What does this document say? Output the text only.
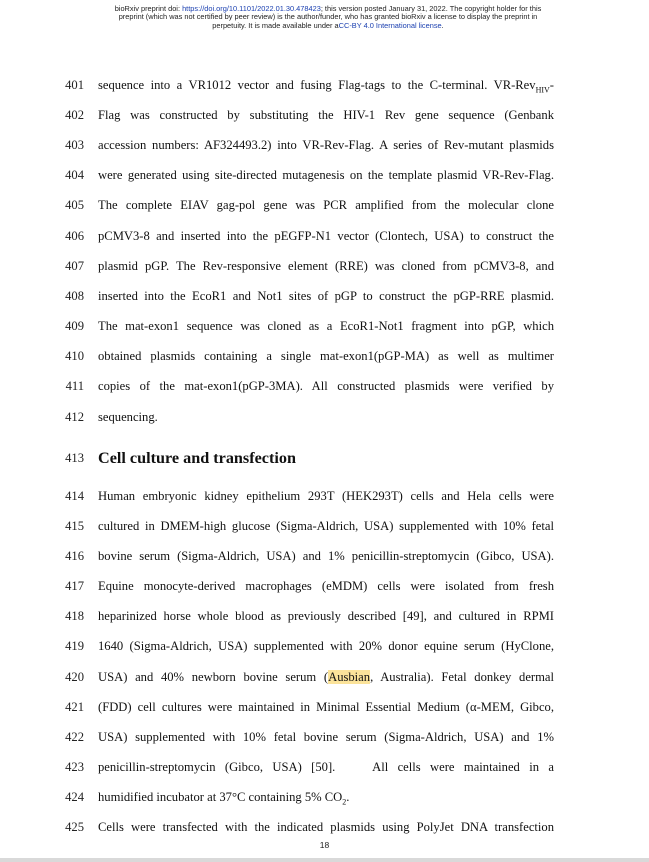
bioRxiv preprint doi: https://doi.org/10.1101/2022.01.30.478423; this version posted January 31, 2022. The copyright holder for this
preprint (which was not certified by peer review) is the author/funder, who has granted bioRxiv a license to display the preprint in
perpetuity. It is made available under aCC-BY 4.0 International license.
401 sequence into a VR1012 vector and fusing Flag-tags to the C-terminal. VR-Rev$_{HIV}$-
402 Flag was constructed by substituting the HIV-1 Rev gene sequence (Genbank
403 accession numbers: AF324493.2) into VR-Rev-Flag. A series of Rev-mutant plasmids
404 were generated using site-directed mutagenesis on the template plasmid VR-Rev-Flag.
405 The complete EIAV gag-pol gene was PCR amplified from the molecular clone
406 pCMV3-8 and inserted into the pEGFP-N1 vector (Clontech, USA) to construct the
407 plasmid pGP. The Rev-responsive element (RRE) was cloned from pCMV3-8, and
408 inserted into the EcoR1 and Not1 sites of pGP to construct the pGP-RRE plasmid.
409 The mat-exon1 sequence was cloned as a EcoR1-Not1 fragment into pGP, which
410 obtained plasmids containing a single mat-exon1(pGP-MA) as well as multimer
411 copies of the mat-exon1(pGP-3MA). All constructed plasmids were verified by
412 sequencing.
413 Cell culture and transfection
414 Human embryonic kidney epithelium 293T (HEK293T) cells and Hela cells were
415 cultured in DMEM-high glucose (Sigma-Aldrich, USA) supplemented with 10% fetal
416 bovine serum (Sigma-Aldrich, USA) and 1% penicillin-streptomycin (Gibco, USA).
417 Equine monocyte-derived macrophages (eMDM) cells were isolated from fresh
418 heparinized horse whole blood as previously described [49], and cultured in RPMI
419 1640 (Sigma-Aldrich, USA) supplemented with 20% donor equine serum (HyClone,
420 USA) and 40% newborn bovine serum (Ausbian, Australia). Fetal donkey dermal
421 (FDD) cell cultures were maintained in Minimal Essential Medium (α-MEM, Gibco,
422 USA) supplemented with 10% fetal bovine serum (Sigma-Aldrich, USA) and 1%
423 penicillin-streptomycin (Gibco, USA) [50].    All cells were maintained in a
424 humidified incubator at 37°C containing 5% $CO_2$.
425 Cells were transfected with the indicated plasmids using PolyJet DNA transfection
18
